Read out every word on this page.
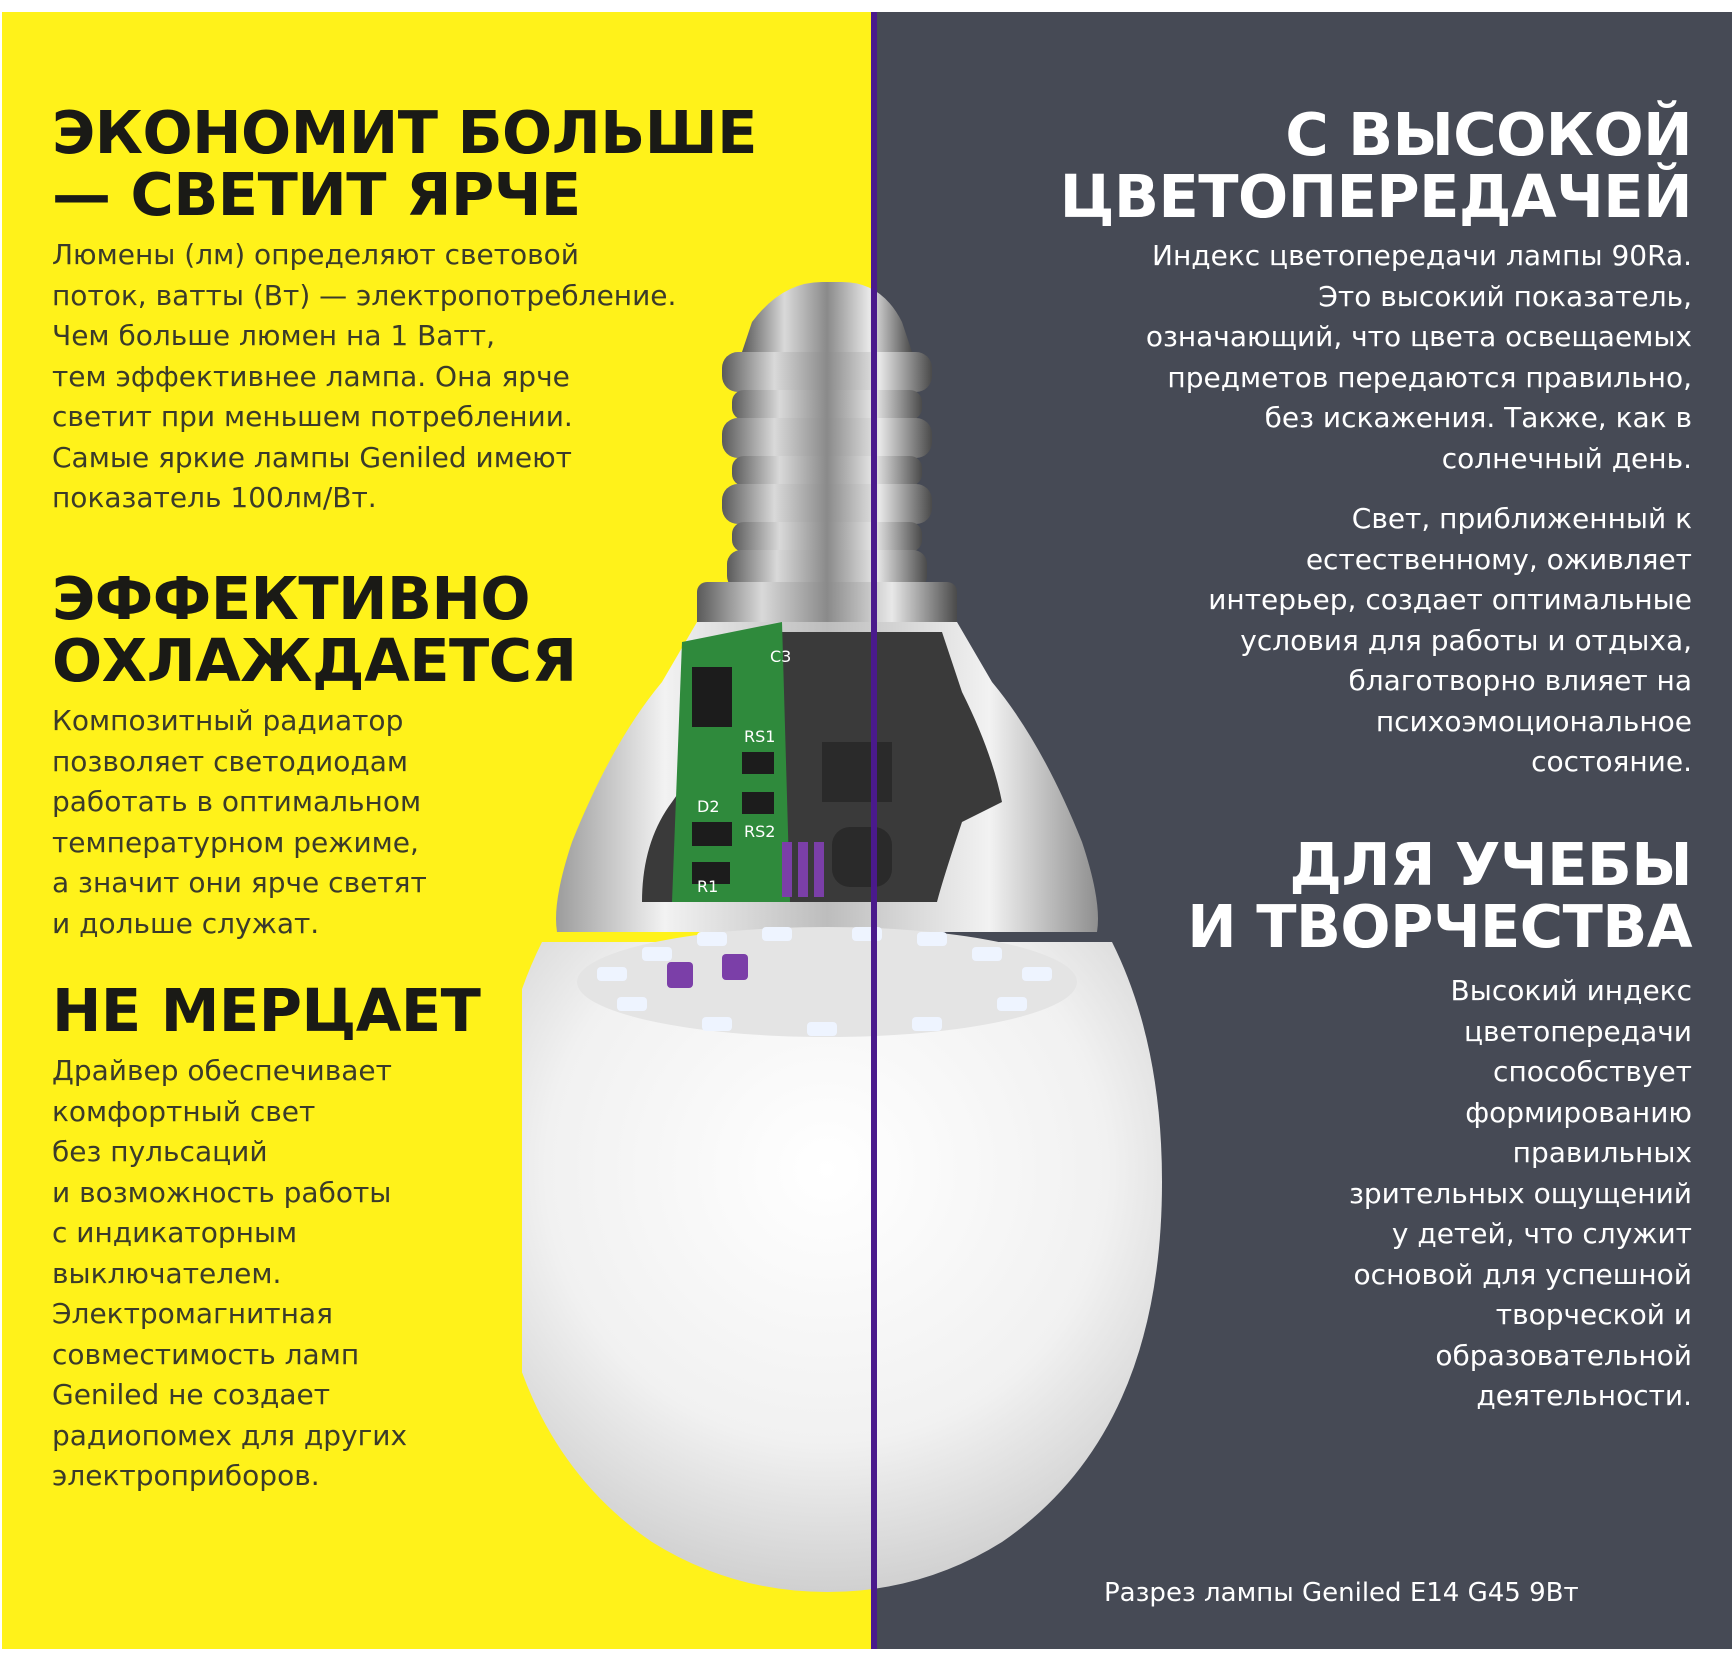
C3
RS1
D2
RS2
R1
ЭКОНОМИТ БОЛЬШЕ
— СВЕТИТ ЯРЧЕ
Люмены (лм) определяют световой
поток, ватты (Вт) — электропотребление.
Чем больше люмен на 1 Ватт,
тем эффективнее лампа. Она ярче
светит при меньшем потреблении.
Самые яркие лампы Geniled имеют
показатель 100лм/Вт.
ЭФФЕКТИВНО
ОХЛАЖДАЕТСЯ
Композитный радиатор
позволяет светодиодам
работать в оптимальном
температурном режиме,
а значит они ярче светят
и дольше служат.
НЕ МЕРЦАЕТ
Драйвер обеспечивает
комфортный свет
без пульсаций
и возможность работы
с индикаторным
выключателем.
Электромагнитная
совместимость ламп
Geniled не создает
радиопомех для других
электроприборов.
С ВЫСОКОЙ
ЦВЕТОПЕРЕДАЧЕЙ
Индекс цветопередачи лампы 90Ra.
Это высокий показатель,
означающий, что цвета освещаемых
предметов передаются правильно,
без искажения. Также, как в
солнечный день.
Свет, приближенный к
естественному, оживляет
интерьер, создает оптимальные
условия для работы и отдыха,
благотворно влияет на
психоэмоциональное
состояние.
ДЛЯ УЧЕБЫ
И ТВОРЧЕСТВА
Высокий индекс
цветопередачи
способствует
формированию
правильных
зрительных ощущений
у детей, что служит
основой для успешной
творческой и
образовательной
деятельности.
Разрез лампы Geniled E14 G45 9Вт
